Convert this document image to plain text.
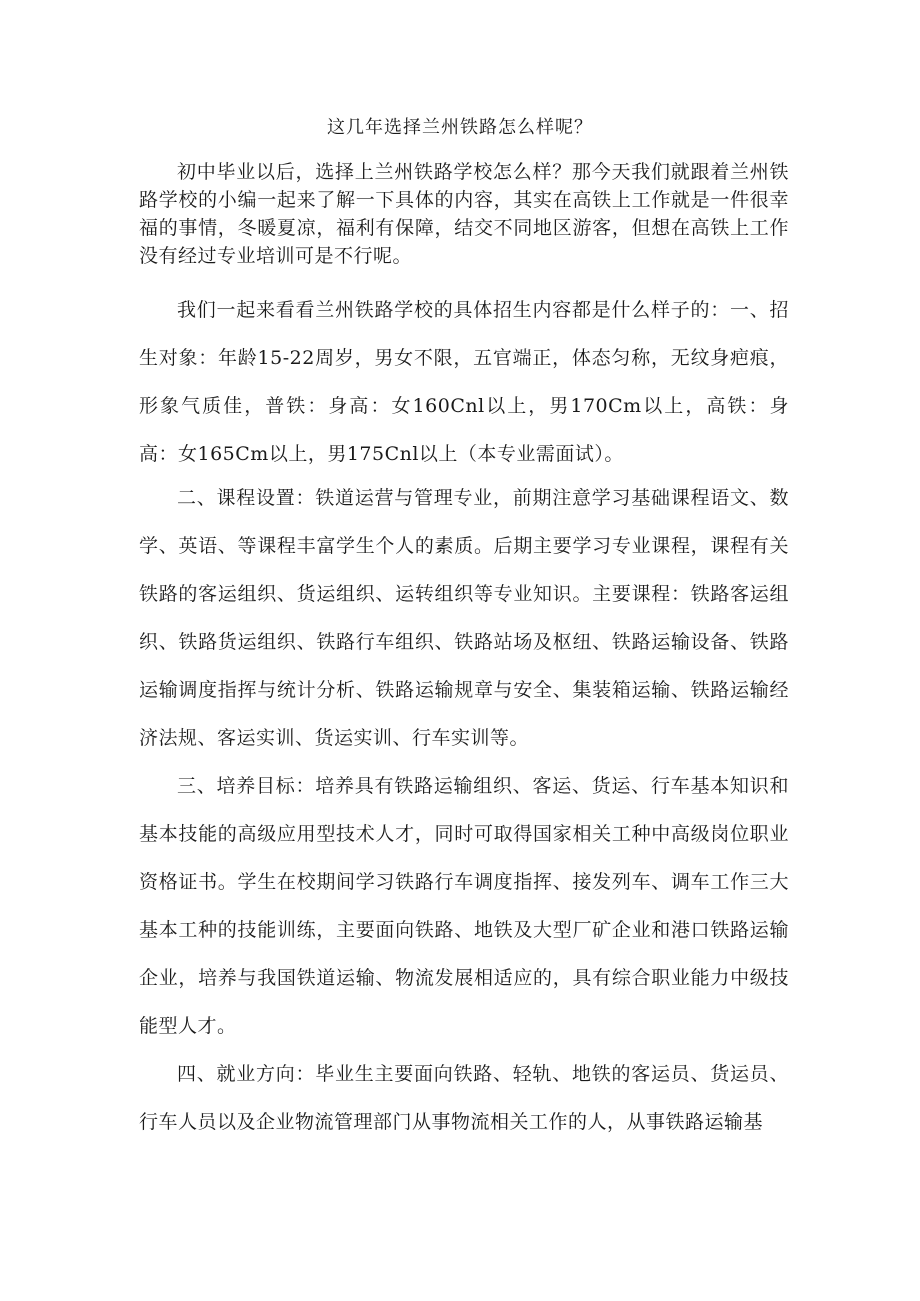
这几年选择兰州铁路怎么样呢？

初中毕业以后，选择上兰州铁路学校怎么样？那今天我们就跟着兰州铁路学校的小编一起来了解一下具体的内容，其实在高铁上工作就是一件很幸福的事情，冬暖夏凉，福利有保障，结交不同地区游客，但想在高铁上工作没有经过专业培训可是不行呢。

我们一起来看看兰州铁路学校的具体招生内容都是什么样子的：一、招生对象：年龄15-22周岁，男女不限，五官端正，体态匀称，无纹身疤痕，形象气质佳，普铁：身高：女160Cnl以上，男170Cm以上，高铁：身高：女165Cm以上，男175Cnl以上（本专业需面试）。

二、课程设置：铁道运营与管理专业，前期注意学习基础课程语文、数学、英语、等课程丰富学生个人的素质。后期主要学习专业课程，课程有关铁路的客运组织、货运组织、运转组织等专业知识。主要课程：铁路客运组织、铁路货运组织、铁路行车组织、铁路站场及枢纽、铁路运输设备、铁路运输调度指挥与统计分析、铁路运输规章与安全、集装箱运输、铁路运输经济法规、客运实训、货运实训、行车实训等。

三、培养目标：培养具有铁路运输组织、客运、货运、行车基本知识和基本技能的高级应用型技术人才，同时可取得国家相关工种中高级岗位职业资格证书。学生在校期间学习铁路行车调度指挥、接发列车、调车工作三大基本工种的技能训练，主要面向铁路、地铁及大型厂矿企业和港口铁路运输企业，培养与我国铁道运输、物流发展相适应的，具有综合职业能力中级技能型人才。

四、就业方向：毕业生主要面向铁路、轻轨、地铁的客运员、货运员、行车人员以及企业物流管理部门从事物流相关工作的人，从事铁路运输基
